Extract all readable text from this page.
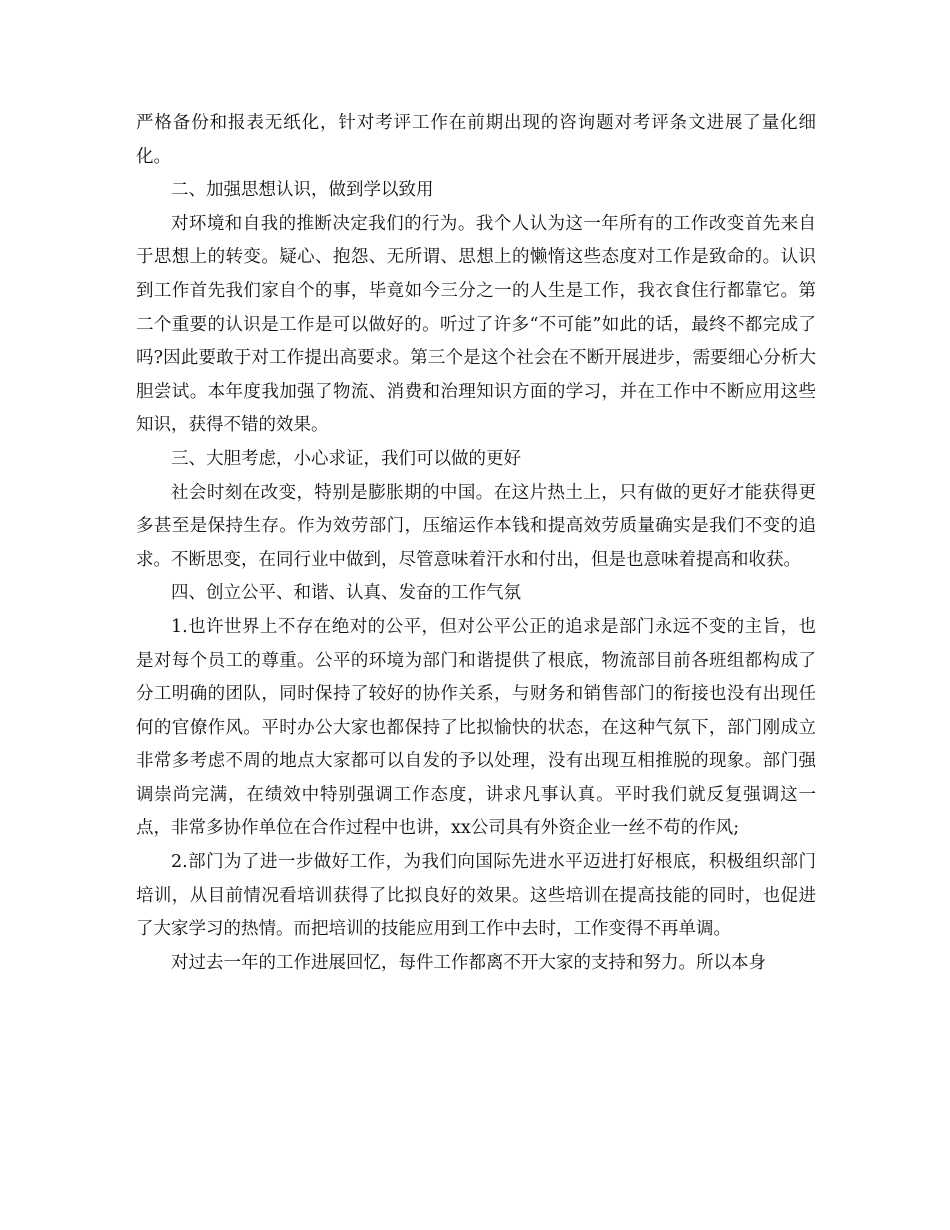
严格备份和报表无纸化，针对考评工作在前期出现的咨询题对考评条文进展了量化细化。

二、加强思想认识，做到学以致用

对环境和自我的推断决定我们的行为。我个人认为这一年所有的工作改变首先来自于思想上的转变。疑心、抱怨、无所谓、思想上的懒惰这些态度对工作是致命的。认识到工作首先我们家自个的事，毕竟如今三分之一的人生是工作，我衣食住行都靠它。第二个重要的认识是工作是可以做好的。听过了许多“不可能”如此的话，最终不都完成了吗?因此要敢于对工作提出高要求。第三个是这个社会在不断开展进步，需要细心分析大胆尝试。本年度我加强了物流、消费和治理知识方面的学习，并在工作中不断应用这些知识，获得不错的效果。

三、大胆考虑，小心求证，我们可以做的更好

社会时刻在改变，特别是膨胀期的中国。在这片热土上，只有做的更好才能获得更多甚至是保持生存。作为效劳部门，压缩运作本钱和提高效劳质量确实是我们不变的追求。不断思变，在同行业中做到，尽管意味着汗水和付出，但是也意味着提高和收获。

四、创立公平、和谐、认真、发奋的工作气氛

1.也许世界上不存在绝对的公平，但对公平公正的追求是部门永远不变的主旨，也是对每个员工的尊重。公平的环境为部门和谐提供了根底，物流部目前各班组都构成了分工明确的团队，同时保持了较好的协作关系，与财务和销售部门的衔接也没有出现任何的官僚作风。平时办公大家也都保持了比拟愉快的状态，在这种气氛下，部门刚成立非常多考虑不周的地点大家都可以自发的予以处理，没有出现互相推脱的现象。部门强调崇尚完满，在绩效中特别强调工作态度，讲求凡事认真。平时我们就反复强调这一点，非常多协作单位在合作过程中也讲，xx公司具有外资企业一丝不苟的作风;

2.部门为了进一步做好工作，为我们向国际先进水平迈进打好根底，积极组织部门培训，从目前情况看培训获得了比拟良好的效果。这些培训在提高技能的同时，也促进了大家学习的热情。而把培训的技能应用到工作中去时，工作变得不再单调。

对过去一年的工作进展回忆，每件工作都离不开大家的支持和努力。所以本身
